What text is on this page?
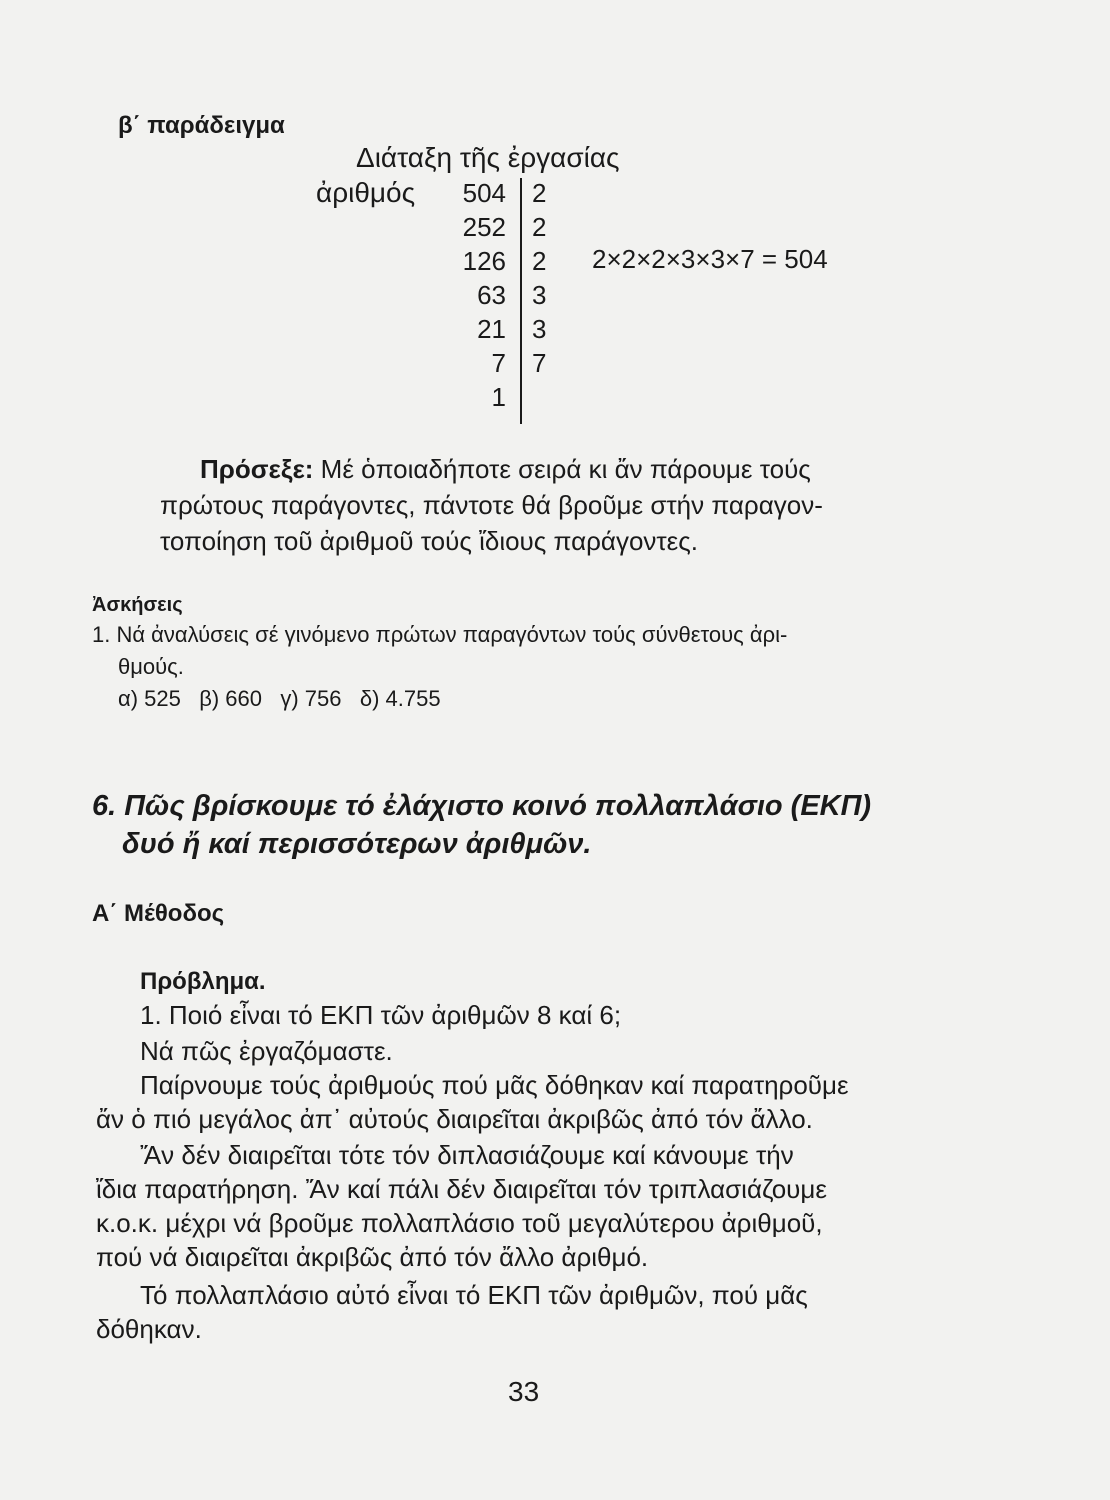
β΄ παράδειγμα
Διάταξη τῆς ἐργασίας
ἀριθμός	504 2
252 2
126 2
63 3
21 3
7 7
1
2×2×2×3×3×7 = 504
Πρόσεξε: Μέ ὁποιαδήποτε σειρά κι ἄν πάρουμε τούς
πρώτους παράγοντες, πάντοτε θά βροῦμε στήν παραγον-
τοποίηση τοῦ ἀριθμοῦ τούς ἴδιους παράγοντες.
Ἀσκήσεις
1. Νά ἀναλύσεις σέ γινόμενο πρώτων παραγόντων τούς σύνθετους ἀρι-
θμούς.
α) 525   β) 660   γ) 756   δ) 4.755
6. Πῶς βρίσκουμε τό ἐλάχιστο κοινό πολλαπλάσιο (ΕΚΠ)
δυό ἤ καί περισσότερων ἀριθμῶν.
Α΄ Μέθοδος
Πρόβλημα.
1. Ποιό εἶναι τό ΕΚΠ τῶν ἀριθμῶν 8 καί 6;
Νά πῶς ἐργαζόμαστε.
Παίρνουμε τούς ἀριθμούς πού μᾶς δόθηκαν καί παρατηροῦμε
ἄν ὁ πιό μεγάλος ἀπ᾽ αὐτούς διαιρεῖται ἀκριβῶς ἀπό τόν ἄλλο.
Ἄν δέν διαιρεῖται τότε τόν διπλασιάζουμε καί κάνουμε τήν
ἴδια παρατήρηση. Ἄν καί πάλι δέν διαιρεῖται τόν τριπλασιάζουμε
κ.ο.κ. μέχρι νά βροῦμε πολλαπλάσιο τοῦ μεγαλύτερου ἀριθμοῦ,
πού νά διαιρεῖται ἀκριβῶς ἀπό τόν ἄλλο ἀριθμό.
Τό πολλαπλάσιο αὐτό εἶναι τό ΕΚΠ τῶν ἀριθμῶν, πού μᾶς
δόθηκαν.
33
